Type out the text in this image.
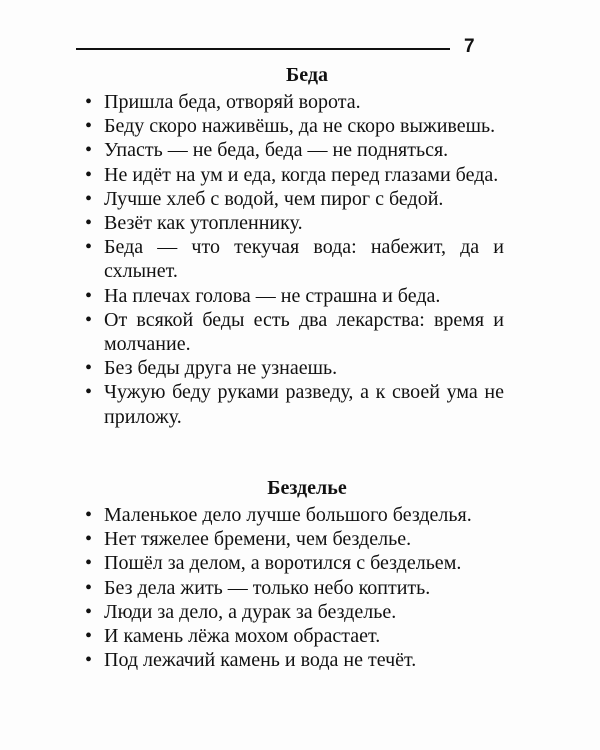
7
Беда
• Пришла беда, отворяй ворота.
• Беду скоро наживёшь, да не скоро выживешь.
• Упасть — не беда, беда — не подняться.
• Не идёт на ум и еда, когда перед глазами беда.
• Лучше хлеб с водой, чем пирог с бедой.
• Везёт как утопленнику.
• Беда — что текучая вода: набежит, да и схлынет.
• На плечах голова — не страшна и беда.
• От всякой беды есть два лекарства: время и молчание.
• Без беды друга не узнаешь.
• Чужую беду руками разведу, а к своей ума не приложу.
Безделье
• Маленькое дело лучше большого безделья.
• Нет тяжелее бремени, чем безделье.
• Пошёл за делом, а воротился с бездельем.
• Без дела жить — только небо коптить.
• Люди за дело, а дурак за безделье.
• И камень лёжа мохом обрастает.
• Под лежачий камень и вода не течёт.
